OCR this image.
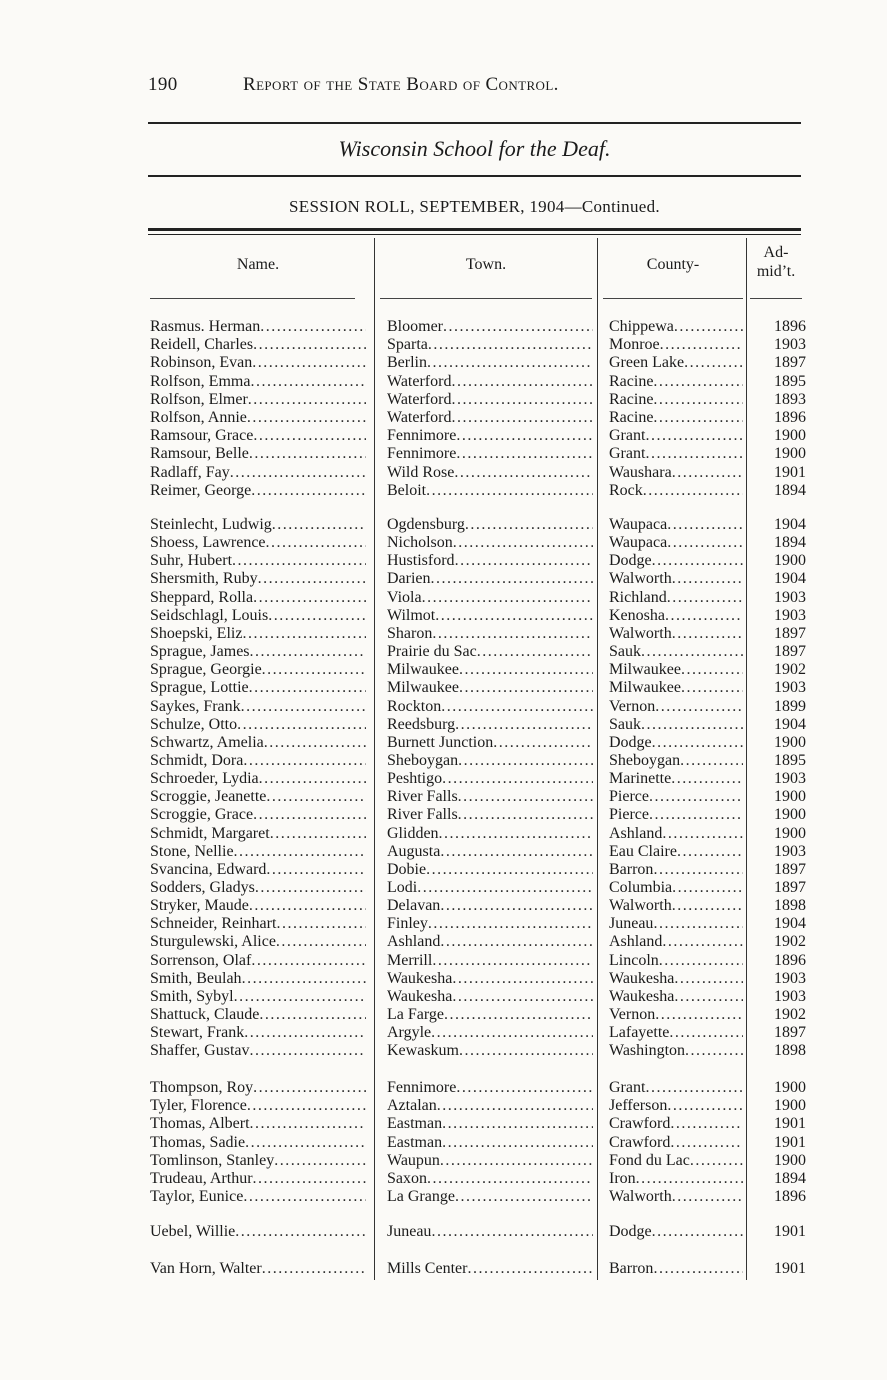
190	Report of the State Board of Control.
Wisconsin School for the Deaf.
SESSION ROLL, SEPTEMBER, 1904—Continued.
Name.	Town.	County-
Ad-
mid’t.
Rasmus. Herman .....	Bloomer .....	Chippewa .....	1896
Reidell, Charles .....	Sparta .....	Monroe .....	1903
Robinson, Evan .....	Berlin .....	Green Lake .....	1897
Rolfson, Emma .....	Waterford .....	Racine .....	1895
Rolfson, Elmer .....	Waterford .....	Racine .....	1893
Rolfson, Annie .....	Waterford .....	Racine .....	1896
Ramsour, Grace .....	Fennimore .....	Grant .....	1900
Ramsour, Belle .....	Fennimore .....	Grant .....	1900
Radlaff, Fay .....	Wild Rose .....	Waushara .....	1901
Reimer, George .....	Beloit .....	Rock .....	1894
Steinlecht, Ludwig .....	Ogdensburg .....	Waupaca .....	1904
Shoess, Lawrence .....	Nicholson .....	Waupaca .....	1894
Suhr, Hubert .....	Hustisford .....	Dodge .....	1900
Shersmith, Ruby .....	Darien .....	Walworth .....	1904
Sheppard, Rolla .....	Viola .....	Richland .....	1903
Seidschlagl, Louis .....	Wilmot .....	Kenosha .....	1903
Shoepski, Eliz .....	Sharon .....	Walworth .....	1897
Sprague, James .....	Prairie du Sac .....	Sauk .....	1897
Sprague, Georgie .....	Milwaukee .....	Milwaukee .....	1902
Sprague, Lottie .....	Milwaukee .....	Milwaukee .....	1903
Saykes, Frank .....	Rockton .....	Vernon .....	1899
Schulze, Otto .....	Reedsburg .....	Sauk .....	1904
Schwartz, Amelia .....	Burnett Junction .....	Dodge .....	1900
Schmidt, Dora .....	Sheboygan .....	Sheboygan .....	1895
Schroeder, Lydia .....	Peshtigo .....	Marinette .....	1903
Scroggie, Jeanette .....	River Falls .....	Pierce .....	1900
Scroggie, Grace .....	River Falls .....	Pierce .....	1900
Schmidt, Margaret .....	Glidden .....	Ashland .....	1900
Stone, Nellie .....	Augusta .....	Eau Claire .....	1903
Svancina, Edward .....	Dobie .....	Barron .....	1897
Sodders, Gladys .....	Lodi .....	Columbia .....	1897
Stryker, Maude .....	Delavan .....	Walworth .....	1898
Schneider, Reinhart .....	Finley .....	Juneau .....	1904
Sturgulewski, Alice .....	Ashland .....	Ashland .....	1902
Sorrenson, Olaf .....	Merrill .....	Lincoln .....	1896
Smith, Beulah .....	Waukesha .....	Waukesha .....	1903
Smith, Sybyl .....	Waukesha .....	Waukesha .....	1903
Shattuck, Claude .....	La Farge .....	Vernon .....	1902
Stewart, Frank .....	Argyle .....	Lafayette .....	1897
Shaffer, Gustav .....	Kewaskum .....	Washington .....	1898
Thompson, Roy .....	Fennimore .....	Grant .....	1900
Tyler, Florence .....	Aztalan .....	Jefferson .....	1900
Thomas, Albert .....	Eastman .....	Crawford .....	1901
Thomas, Sadie .....	Eastman .....	Crawford .....	1901
Tomlinson, Stanley .....	Waupun .....	Fond du Lac .....	1900
Trudeau, Arthur .....	Saxon .....	Iron .....	1894
Taylor, Eunice .....	La Grange .....	Walworth .....	1896
Uebel, Willie .....	Juneau .....	Dodge .....	1901
Van Horn, Walter .....	Mills Center .....	Barron .....	1901
